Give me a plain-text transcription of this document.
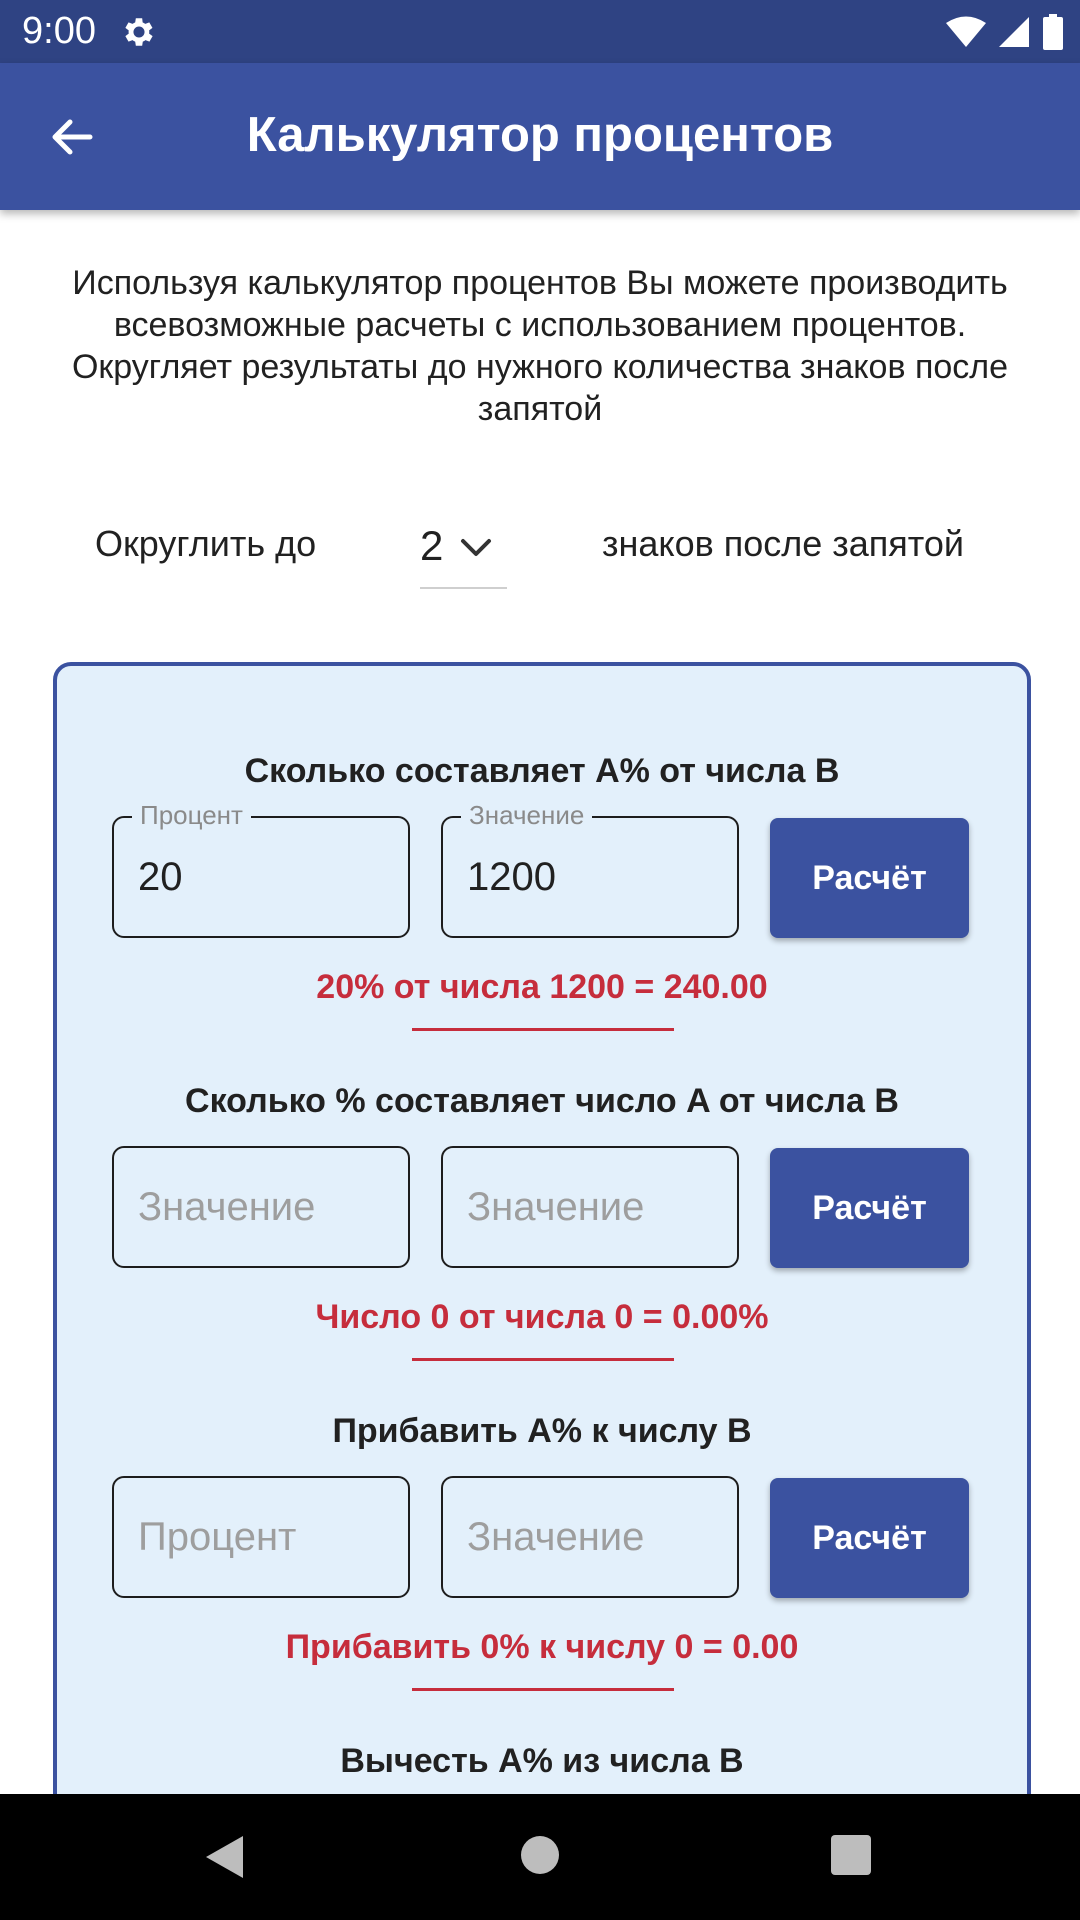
9:00
Калькулятор процентов
Используя калькулятор процентов Вы можете производить всевозможные расчеты с использованием процентов. Округляет результаты до нужного количества знаков после запятой
Округлить до 2	знаков после запятой
Сколько составляет A% от числа B
Процент
20	Значение
1200
Расчёт
20% от числа 1200 = 240.00
Сколько % составляет число A от числа B
Значение
Значение
Расчёт
Число 0 от числа 0 = 0.00%
Прибавить A% к числу B
Процент
Значение
Расчёт
Прибавить 0% к числу 0 = 0.00
Вычесть A% из числа B
